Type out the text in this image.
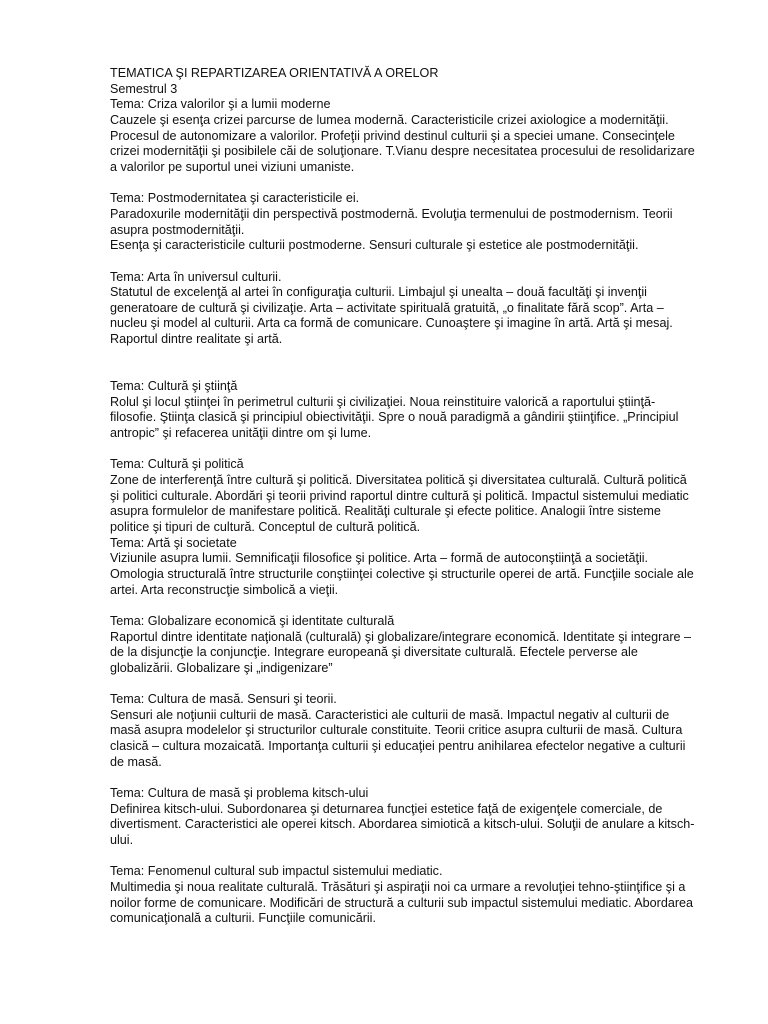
TEMATICA ŞI REPARTIZAREA ORIENTATIVĂ A ORELOR
Semestrul 3
Tema: Criza valorilor şi a lumii moderne
Cauzele şi esenţa crizei parcurse de lumea modernă. Caracteristicile crizei axiologice a modernităţii.
Procesul de autonomizare a valorilor. Profeţii privind destinul culturii şi a speciei umane. Consecinţele
crizei modernităţii şi posibilele căi de soluţionare. T.Vianu despre necesitatea procesului de resolidarizare
a valorilor pe suportul unei viziuni umaniste.
Tema: Postmodernitatea şi caracteristicile ei.
Paradoxurile modernităţii din perspectivă postmodernă. Evoluţia termenului de postmodernism. Teorii
asupra postmodernităţii.
Esenţa şi caracteristicile culturii postmoderne. Sensuri culturale şi estetice ale postmodernităţii.
Tema: Arta în universul culturii.
Statutul de excelenţă al artei în configuraţia culturii. Limbajul şi unealta – două facultăţi şi invenţii
generatoare de cultură şi civilizaţie. Arta – activitate spirituală gratuită, „o finalitate fără scop”. Arta –
nucleu şi model al culturii. Arta ca formă de comunicare. Cunoaştere şi imagine în artă. Artă şi mesaj.
Raportul dintre realitate şi artă.
Tema: Cultură şi ştiinţă
Rolul şi locul ştiinţei în perimetrul culturii şi civilizaţiei. Noua reinstituire valorică a raportului ştiinţă-
filosofie. Ştiinţa clasică şi principiul obiectivităţii. Spre o nouă paradigmă a gândirii ştiinţifice. „Principiul
antropic” şi refacerea unităţii dintre om şi lume.
Tema: Cultură şi politică
Zone de interferenţă între cultură şi politică. Diversitatea politică şi diversitatea culturală. Cultură politică
şi politici culturale. Abordări şi teorii privind raportul dintre cultură şi politică. Impactul sistemului mediatic
asupra formulelor de manifestare politică. Realităţi culturale şi efecte politice. Analogii între sisteme
politice şi tipuri de cultură. Conceptul de cultură politică.
Tema: Artă şi societate
Viziunile asupra lumii. Semnificaţii filosofice şi politice. Arta – formă de autoconştiinţă a societăţii.
Omologia structurală între structurile conştiinţei colective şi structurile operei de artă. Funcţiile sociale ale
artei. Arta reconstrucţie simbolică a vieţii.
Tema: Globalizare economică şi identitate culturală
Raportul dintre identitate naţională (culturală) şi globalizare/integrare economică. Identitate şi integrare –
de la disjuncţie la conjuncţie. Integrare europeană şi diversitate culturală. Efectele perverse ale
globalizării. Globalizare şi „indigenizare”
Tema: Cultura de masă. Sensuri şi teorii.
Sensuri ale noţiunii culturii de masă. Caracteristici ale culturii de masă. Impactul negativ al culturii de
masă asupra modelelor şi structurilor culturale constituite. Teorii critice asupra culturii de masă. Cultura
clasică – cultura mozaicată. Importanţa culturii şi educaţiei pentru anihilarea efectelor negative a culturii
de masă.
Tema: Cultura de masă şi problema kitsch-ului
Definirea kitsch-ului. Subordonarea şi deturnarea funcţiei estetice faţă de exigenţele comerciale, de
divertisment. Caracteristici ale operei kitsch. Abordarea simiotică a kitsch-ului. Soluţii de anulare a kitsch-
ului.
Tema: Fenomenul cultural sub impactul sistemului mediatic.
Multimedia şi noua realitate culturală. Trăsături şi aspiraţii noi ca urmare a revoluţiei tehno-ştiinţifice şi a
noilor forme de comunicare. Modificări de structură a culturii sub impactul sistemului mediatic. Abordarea
comunicaţională a culturii. Funcţiile comunicării.
